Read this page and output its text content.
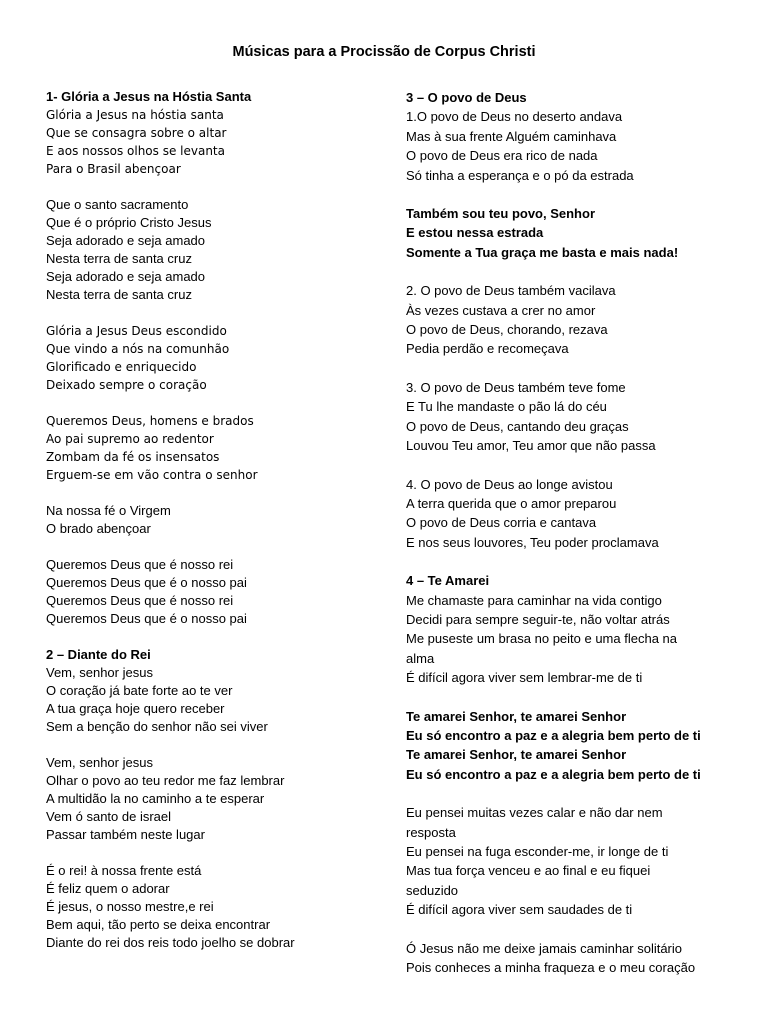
Músicas para a Procissão de Corpus Christi
1- Glória a Jesus na Hóstia Santa
Glória a Jesus na hóstia santa
Que se consagra sobre o altar
E aos nossos olhos se levanta
Para o Brasil abençoar
Que o santo sacramento
Que é o próprio Cristo Jesus
Seja adorado e seja amado
Nesta terra de santa cruz
Seja adorado e seja amado
Nesta terra de santa cruz
Glória a Jesus Deus escondido
Que vindo a nós na comunhão
Glorificado e enriquecido
Deixado sempre o coração
Queremos Deus, homens e brados
Ao pai supremo ao redentor
Zombam da fé os insensatos
Erguem-se em vão contra o senhor
Na nossa fé o Virgem
O brado abençoar
Queremos Deus que é nosso rei
Queremos Deus que é o nosso pai
Queremos Deus que é nosso rei
Queremos Deus que é o nosso pai
2 – Diante do Rei
Vem, senhor jesus
O coração já bate forte ao te ver
A tua graça hoje quero receber
Sem a benção do senhor não sei viver
Vem, senhor jesus
Olhar o povo ao teu redor me faz lembrar
A multidão la no caminho a te esperar
Vem ó santo de israel
Passar também neste lugar
É o rei! à nossa frente está
É feliz quem o adorar
É jesus, o nosso mestre,e rei
Bem aqui, tão perto se deixa encontrar
Diante do rei dos reis todo joelho se dobrar
3 – O povo de Deus
1.O povo de Deus no deserto andava
Mas à sua frente Alguém caminhava
O povo de Deus era rico de nada
Só tinha a esperança e o pó da estrada
Também sou teu povo, Senhor
E estou nessa estrada
Somente a Tua graça me basta e mais nada!
2. O povo de Deus também vacilava
Às vezes custava a crer no amor
O povo de Deus, chorando, rezava
Pedia perdão e recomeçava
3. O povo de Deus também teve fome
E Tu lhe mandaste o pão lá do céu
O povo de Deus, cantando deu graças
Louvou Teu amor, Teu amor que não passa
4. O povo de Deus ao longe avistou
A terra querida que o amor preparou
O povo de Deus corria e cantava
E nos seus louvores, Teu poder proclamava
4 – Te Amarei
Me chamaste para caminhar na vida contigo
Decidi para sempre seguir-te, não voltar atrás
Me puseste um brasa no peito e uma flecha na
alma
É difícil agora viver sem lembrar-me de ti
Te amarei Senhor, te amarei Senhor
Eu só encontro a paz e a alegria bem perto de ti
Te amarei Senhor, te amarei Senhor
Eu só encontro a paz e a alegria bem perto de ti
Eu pensei muitas vezes calar e não dar nem
resposta
Eu pensei na fuga esconder-me, ir longe de ti
Mas tua força venceu e ao final e eu fiquei
seduzido
É difícil agora viver sem saudades de ti
Ó Jesus não me deixe jamais caminhar solitário
Pois conheces a minha fraqueza e o meu coração
